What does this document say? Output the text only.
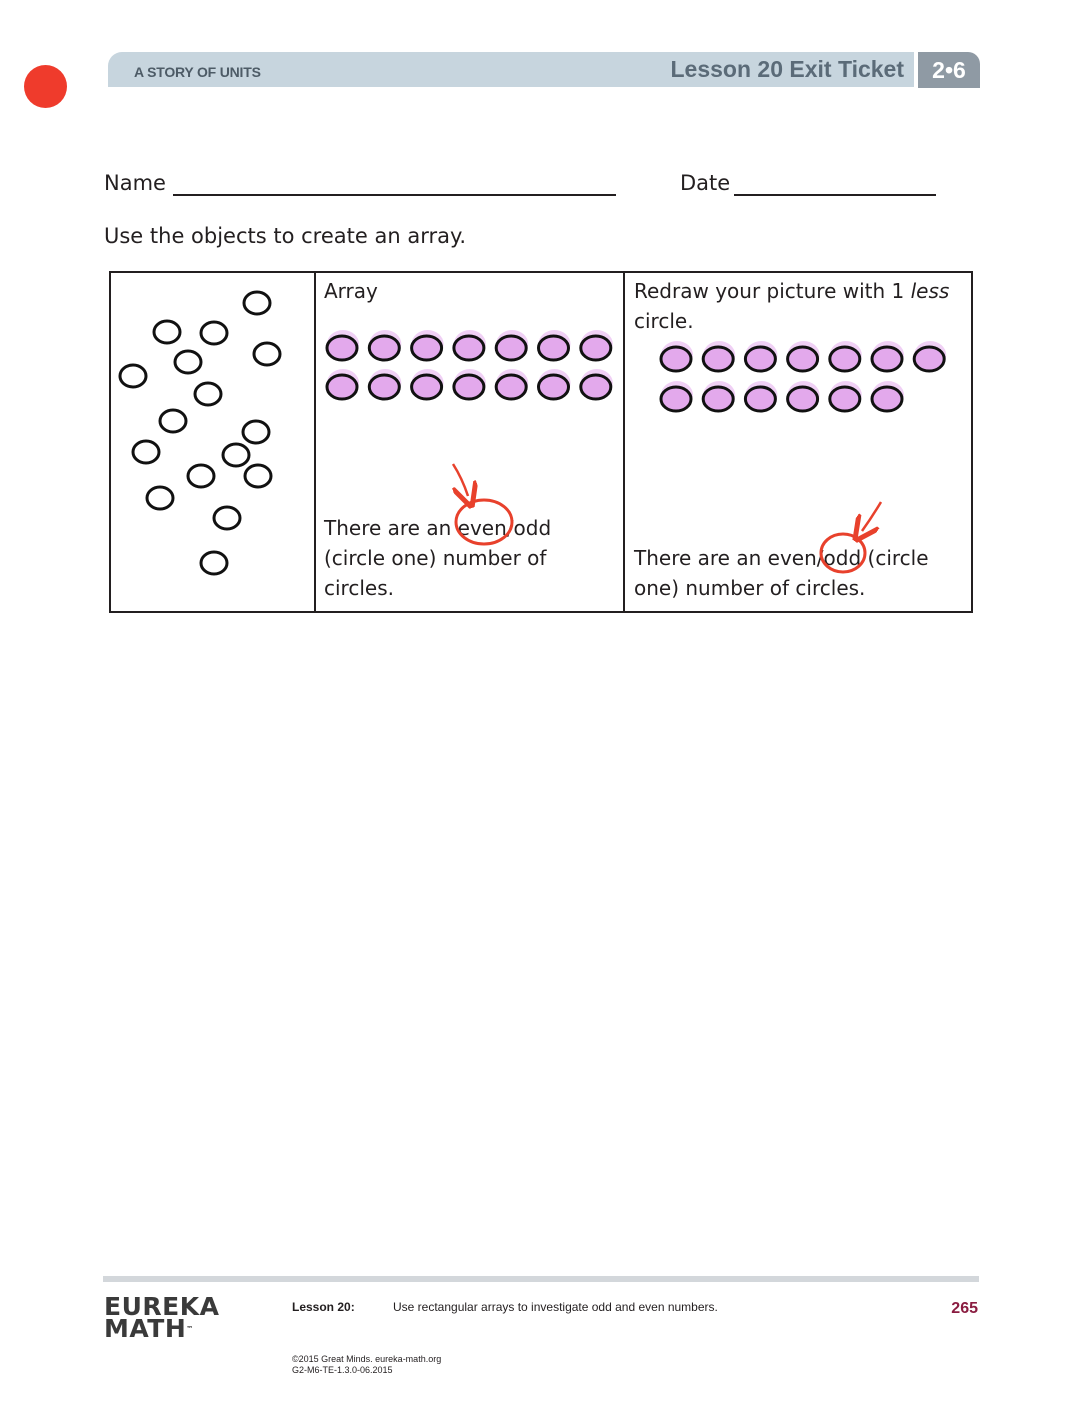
A STORY OF UNITS	Lesson 20 Exit Ticket	2•6
Name	Date
Use the objects to create an array.
Array
There are an even/odd
(circle one) number of
circles.
Redraw your picture with 1 less
circle.
There are an even/odd (circle
one) number of circles.
EUREKA
MATH™
Lesson 20:	Use rectangular arrays to investigate odd and even numbers.	265
©2015 Great Minds. eureka-math.org
G2-M6-TE-1.3.0-06.2015
